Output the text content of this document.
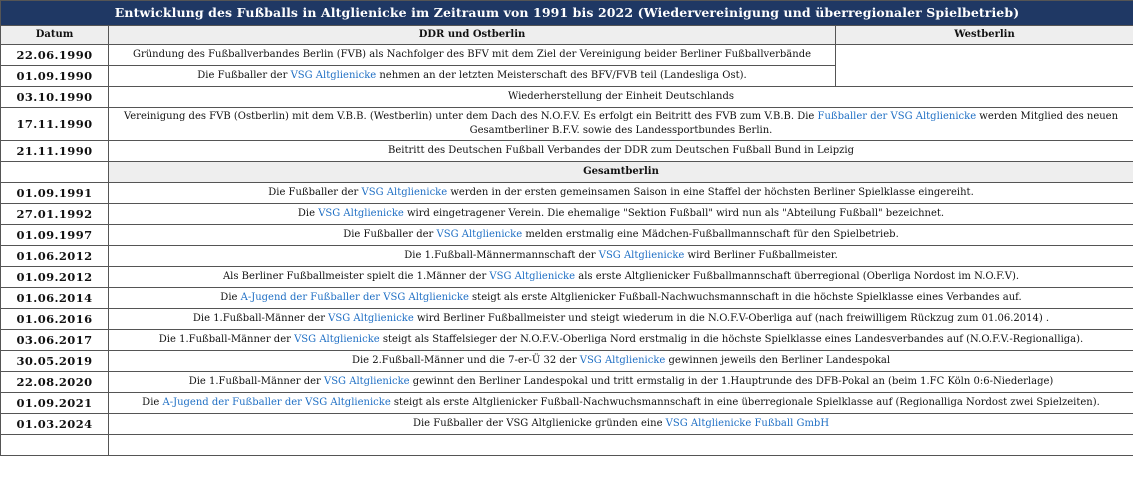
Entwicklung des Fußballs in Altglienicke im Zeitraum von 1991 bis 2022 (Wiedervereinigung und überregionaler Spielbetrieb)		
Datum	DDR und Ostberlin	Westberlin
22.06.1990	Gründung des Fußballverbandes Berlin (FVB) als Nachfolger des BFV mit dem Ziel der Vereinigung beider Berliner Fußballverbände	
01.09.1990	Die Fußballer der VSG Altglienicke nehmen an der letzten Meisterschaft des BFV/FVB teil (Landesliga Ost).	
03.10.1990	Wiederherstellung der Einheit Deutschlands	
17.11.1990	Vereinigung des FVB (Ostberlin) mit dem V.B.B. (Westberlin) unter dem Dach des N.O.F.V. Es erfolgt ein Beitritt des FVB zum V.B.B. Die Fußballer der VSG Altglienicke werden Mitglied des neuen Gesamtberliner B.F.V. sowie des Landessportbundes Berlin.	
21.11.1990	Beitritt des Deutschen Fußball Verbandes der DDR zum Deutschen Fußball Bund in Leipzig	
	Gesamtberlin	
01.09.1991	Die Fußballer der VSG Altglienicke werden in der ersten gemeinsamen Saison in eine Staffel der höchsten Berliner Spielklasse eingereiht.	
27.01.1992	Die VSG Altglienicke wird eingetragener Verein. Die ehemalige "Sektion Fußball" wird nun als "Abteilung Fußball" bezeichnet.	
01.09.1997	Die Fußballer der VSG Altglienicke melden erstmalig eine Mädchen-Fußballmannschaft für den Spielbetrieb.	
01.06.2012	Die 1.Fußball-Männermannschaft der VSG Altglienicke wird Berliner Fußballmeister.	
01.09.2012	Als Berliner Fußballmeister spielt die 1.Männer der VSG Altglienicke als erste Altglienicker Fußballmannschaft überregional (Oberliga Nordost im N.O.F.V).	
01.06.2014	Die A-Jugend der Fußballer der VSG Altglienicke steigt als erste Altglienicker Fußball-Nachwuchsmannschaft in die höchste Spielklasse eines Verbandes auf.	
01.06.2016	Die 1.Fußball-Männer der VSG Altglienicke wird Berliner Fußballmeister und steigt wiederum in die N.O.F.V-Oberliga auf (nach freiwilligem Rückzug zum 01.06.2014) .	
03.06.2017	Die 1.Fußball-Männer der VSG Altglienicke steigt als Staffelsieger der N.O.F.V.-Oberliga Nord erstmalig in die höchste Spielklasse eines Landesverbandes auf (N.O.F.V.-Regionalliga).	
30.05.2019	Die 2.Fußball-Männer und die 7-er-Ü 32 der VSG Altglienicke gewinnen jeweils den Berliner Landespokal	
22.08.2020	Die 1.Fußball-Männer der VSG Altglienicke gewinnt den Berliner Landespokal und tritt ermstalig in der 1.Hauptrunde des DFB-Pokal an (beim 1.FC Köln 0:6-Niederlage)	
01.09.2021	Die A-Jugend der Fußballer der VSG Altglienicke steigt als erste Altglienicker Fußball-Nachwuchsmannschaft in eine überregionale Spielklasse auf (Regionalliga Nordost zwei Spielzeiten).	
01.03.2024	Die Fußballer der VSG Altglienicke gründen eine VSG Altglienicke Fußball GmbH	
